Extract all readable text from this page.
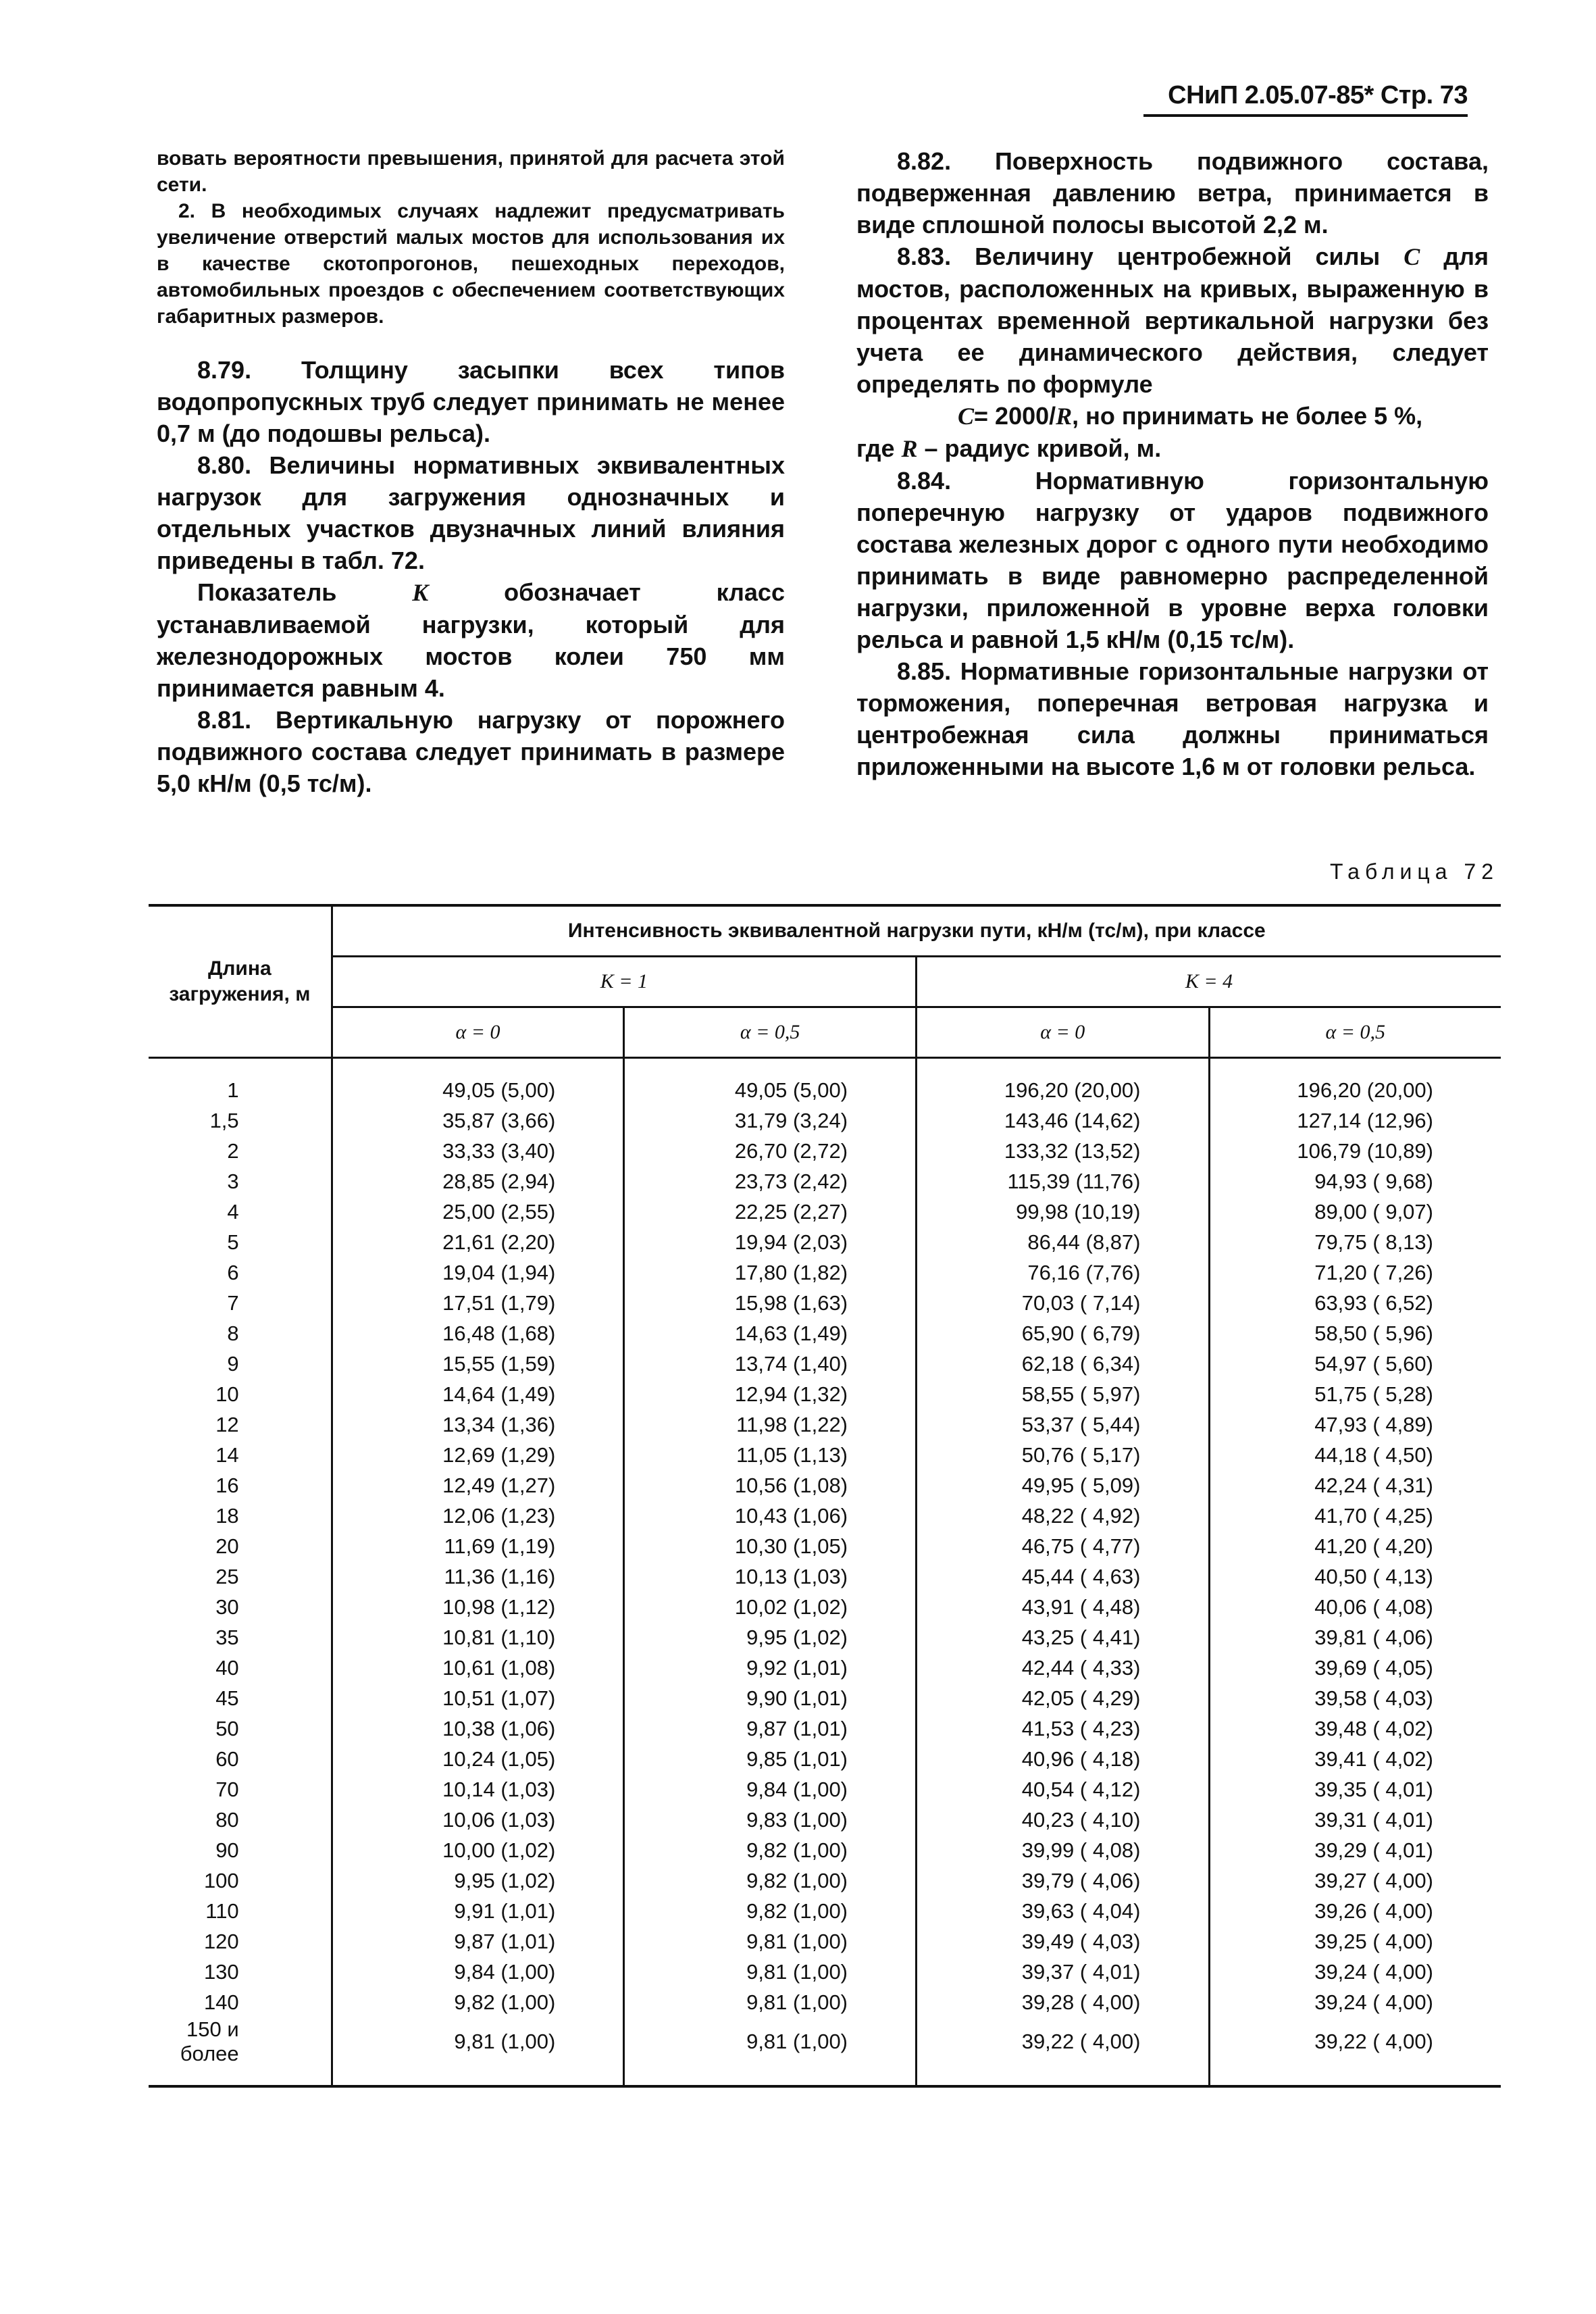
СНиП 2.05.07-85* Стр. 73

вовать вероятности превышения, принятой для расчета этой сети.

2. В необходимых случаях надлежит предусматривать увеличение отверстий малых мостов для использования их в качестве скотопрогонов, пешеходных переходов, автомобильных проездов с обеспечением соответствующих габаритных размеров.

8.79. Толщину засыпки всех типов водопропускных труб следует принимать не менее 0,7 м (до подошвы рельса).

8.80. Величины нормативных эквивалентных нагрузок для загружения однозначных и отдельных участков двузначных линий влияния приведены в табл. 72.

Показатель	K	обозначает класс устанавливаемой нагрузки, который для железнодорожных мостов колеи 750 мм принимается равным 4.

8.81. Вертикальную нагрузку от порожнего подвижного состава следует принимать в размере 5,0 кН/м (0,5 тс/м).

8.82. Поверхность подвижного состава, подверженная давлению ветра, принимается в виде сплошной полосы высотой 2,2 м.

8.83. Величину центробежной силы C для мостов, расположенных на кривых, выраженную в процентах временной вертикальной нагрузки без учета ее динамического действия, следует определять по формуле

C= 2000/R, но принимать не более 5 %,

где R – радиус кривой, м.

8.84.	Нормативную горизонтальную поперечную нагрузку от ударов подвижного состава железных дорог с одного пути необходимо принимать в виде равномерно распределенной нагрузки, приложенной в уровне верха головки рельса и равной 1,5 кН/м (0,15 тс/м).

8.85. Нормативные горизонтальные нагрузки от торможения, поперечная ветровая нагрузка и центробежная сила должны приниматься приложенными на высоте 1,6 м от головки рельса.

Таблица 72
Длина загружения, м	Интенсивность эквивалентной нагрузки пути, кН/м (тс/м), при классе			
	K = 1		K = 4	
	α = 0	α = 0,5	α = 0	α = 0,5
1	49,05 (5,00)	49,05 (5,00)	196,20 (20,00)	196,20 (20,00)
1,5	35,87 (3,66)	31,79 (3,24)	143,46 (14,62)	127,14 (12,96)
2	33,33 (3,40)	26,70 (2,72)	133,32 (13,52)	106,79 (10,89)
3	28,85 (2,94)	23,73 (2,42)	115,39 (11,76)	94,93 ( 9,68)
4	25,00 (2,55)	22,25 (2,27)	99,98 (10,19)	89,00 ( 9,07)
5	21,61 (2,20)	19,94 (2,03)	86,44 (8,87)	79,75 ( 8,13)
6	19,04 (1,94)	17,80 (1,82)	76,16 (7,76)	71,20 ( 7,26)
7	17,51 (1,79)	15,98 (1,63)	70,03 ( 7,14)	63,93 ( 6,52)
8	16,48 (1,68)	14,63 (1,49)	65,90 ( 6,79)	58,50 ( 5,96)
9	15,55 (1,59)	13,74 (1,40)	62,18 ( 6,34)	54,97 ( 5,60)
10	14,64 (1,49)	12,94 (1,32)	58,55 ( 5,97)	51,75 ( 5,28)
12	13,34 (1,36)	11,98 (1,22)	53,37 ( 5,44)	47,93 ( 4,89)
14	12,69 (1,29)	11,05 (1,13)	50,76 ( 5,17)	44,18 ( 4,50)
16	12,49 (1,27)	10,56 (1,08)	49,95 ( 5,09)	42,24 ( 4,31)
18	12,06 (1,23)	10,43 (1,06)	48,22 ( 4,92)	41,70 ( 4,25)
20	11,69 (1,19)	10,30 (1,05)	46,75 ( 4,77)	41,20 ( 4,20)
25	11,36 (1,16)	10,13 (1,03)	45,44 ( 4,63)	40,50 ( 4,13)
30	10,98 (1,12)	10,02 (1,02)	43,91 ( 4,48)	40,06 ( 4,08)
35	10,81 (1,10)	9,95 (1,02)	43,25 ( 4,41)	39,81 ( 4,06)
40	10,61 (1,08)	9,92 (1,01)	42,44 ( 4,33)	39,69 ( 4,05)
45	10,51 (1,07)	9,90 (1,01)	42,05 ( 4,29)	39,58 ( 4,03)
50	10,38 (1,06)	9,87 (1,01)	41,53 ( 4,23)	39,48 ( 4,02)
60	10,24 (1,05)	9,85 (1,01)	40,96 ( 4,18)	39,41 ( 4,02)
70	10,14 (1,03)	9,84 (1,00)	40,54 ( 4,12)	39,35 ( 4,01)
80	10,06 (1,03)	9,83 (1,00)	40,23 ( 4,10)	39,31 ( 4,01)
90	10,00 (1,02)	9,82 (1,00)	39,99 ( 4,08)	39,29 ( 4,01)
100	9,95 (1,02)	9,82 (1,00)	39,79 ( 4,06)	39,27 ( 4,00)
110	9,91 (1,01)	9,82 (1,00)	39,63 ( 4,04)	39,26 ( 4,00)
120	9,87 (1,01)	9,81 (1,00)	39,49 ( 4,03)	39,25 ( 4,00)
130	9,84 (1,00)	9,81 (1,00)	39,37 ( 4,01)	39,24 ( 4,00)
140	9,82 (1,00)	9,81 (1,00)	39,28 ( 4,00)	39,24 ( 4,00)
150 и более	9,81 (1,00)	9,81 (1,00)	39,22 ( 4,00)	39,22 ( 4,00)
